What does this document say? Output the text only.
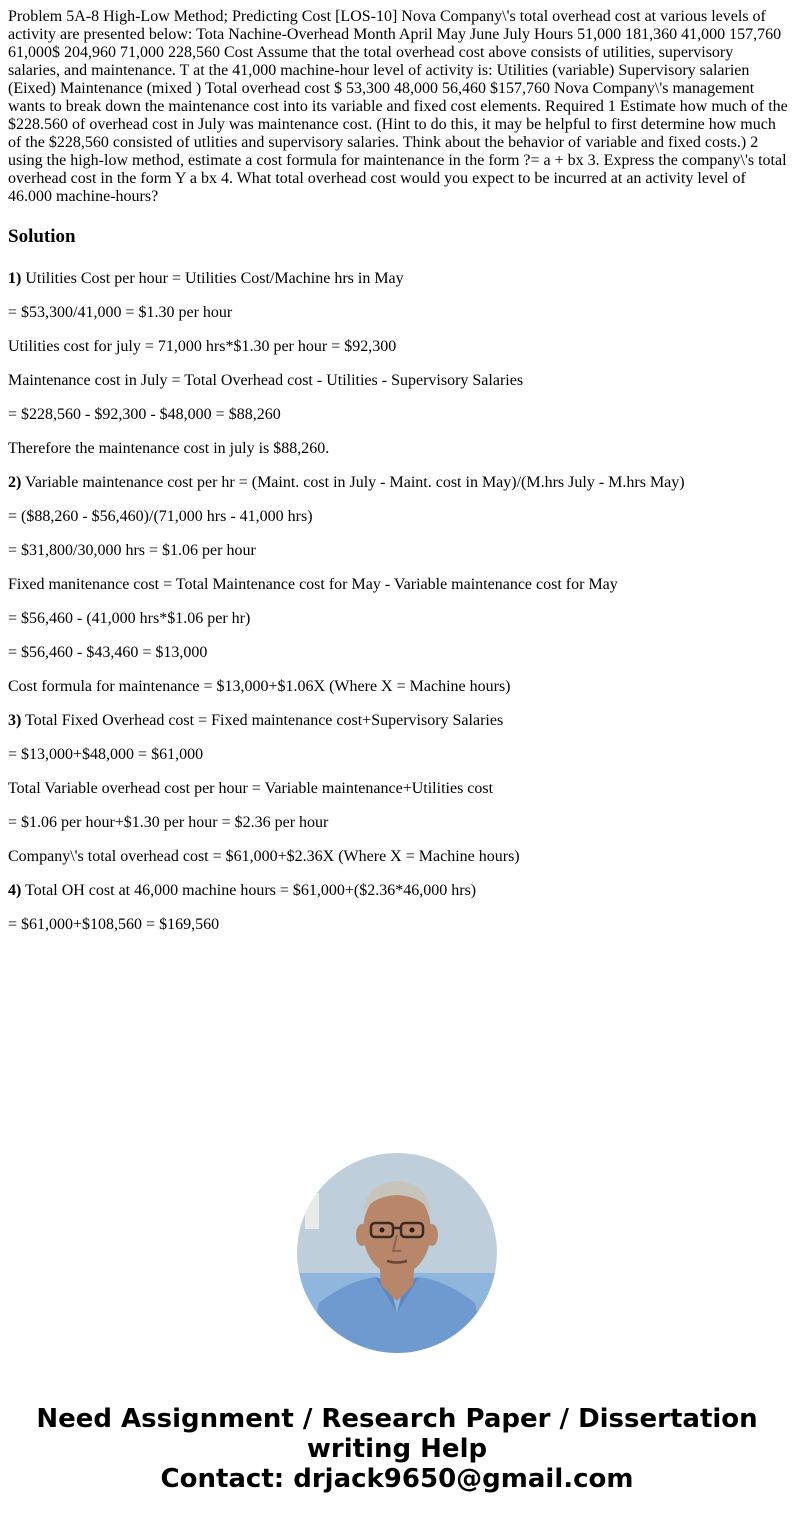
Problem 5A-8 High-Low Method; Predicting Cost [LOS-10] Nova Company\'s total overhead cost at various levels of activity are presented below: Tota Nachine-Overhead Month April May June July Hours 51,000 181,360 41,000 157,760 61,000$ 204,960 71,000 228,560 Cost Assume that the total overhead cost above consists of utilities, supervisory salaries, and maintenance. T at the 41,000 machine-hour level of activity is: Utilities (variable) Supervisory salarien (Eixed) Maintenance (mixed ) Total overhead cost $ 53,300 48,000 56,460 $157,760 Nova Company\'s management wants to break down the maintenance cost into its variable and fixed cost elements. Required 1 Estimate how much of the $228.560 of overhead cost in July was maintenance cost. (Hint to do this, it may be helpful to first determine how much of the $228,560 consisted of utlities and supervisory salaries. Think about the behavior of variable and fixed costs.) 2 using the high-low method, estimate a cost formula for maintenance in the form ?= a + bx 3. Express the company\'s total overhead cost in the form Y a bx 4. What total overhead cost would you expect to be incurred at an activity level of 46.000 machine-hours?

Solution

1) Utilities Cost per hour = Utilities Cost/Machine hrs in May

= $53,300/41,000 = $1.30 per hour

Utilities cost for july = 71,000 hrs*$1.30 per hour = $92,300

Maintenance cost in July = Total Overhead cost - Utilities - Supervisory Salaries

= $228,560 - $92,300 - $48,000 = $88,260

Therefore the maintenance cost in july is $88,260.

2) Variable maintenance cost per hr = (Maint. cost in July - Maint. cost in May)/(M.hrs July - M.hrs May)

= ($88,260 - $56,460)/(71,000 hrs - 41,000 hrs)

= $31,800/30,000 hrs = $1.06 per hour

Fixed manitenance cost = Total Maintenance cost for May - Variable maintenance cost for May

= $56,460 - (41,000 hrs*$1.06 per hr)

= $56,460 - $43,460 = $13,000

Cost formula for maintenance = $13,000+$1.06X (Where X = Machine hours)

3) Total Fixed Overhead cost = Fixed maintenance cost+Supervisory Salaries

= $13,000+$48,000 = $61,000

Total Variable overhead cost per hour = Variable maintenance+Utilities cost

= $1.06 per hour+$1.30 per hour = $2.36 per hour

Company\'s total overhead cost = $61,000+$2.36X (Where X = Machine hours)

4) Total OH cost at 46,000 machine hours = $61,000+($2.36*46,000 hrs)

= $61,000+$108,560 = $169,560

Need Assignment / Research Paper / Dissertation
writing Help
Contact: drjack9650@gmail.com
